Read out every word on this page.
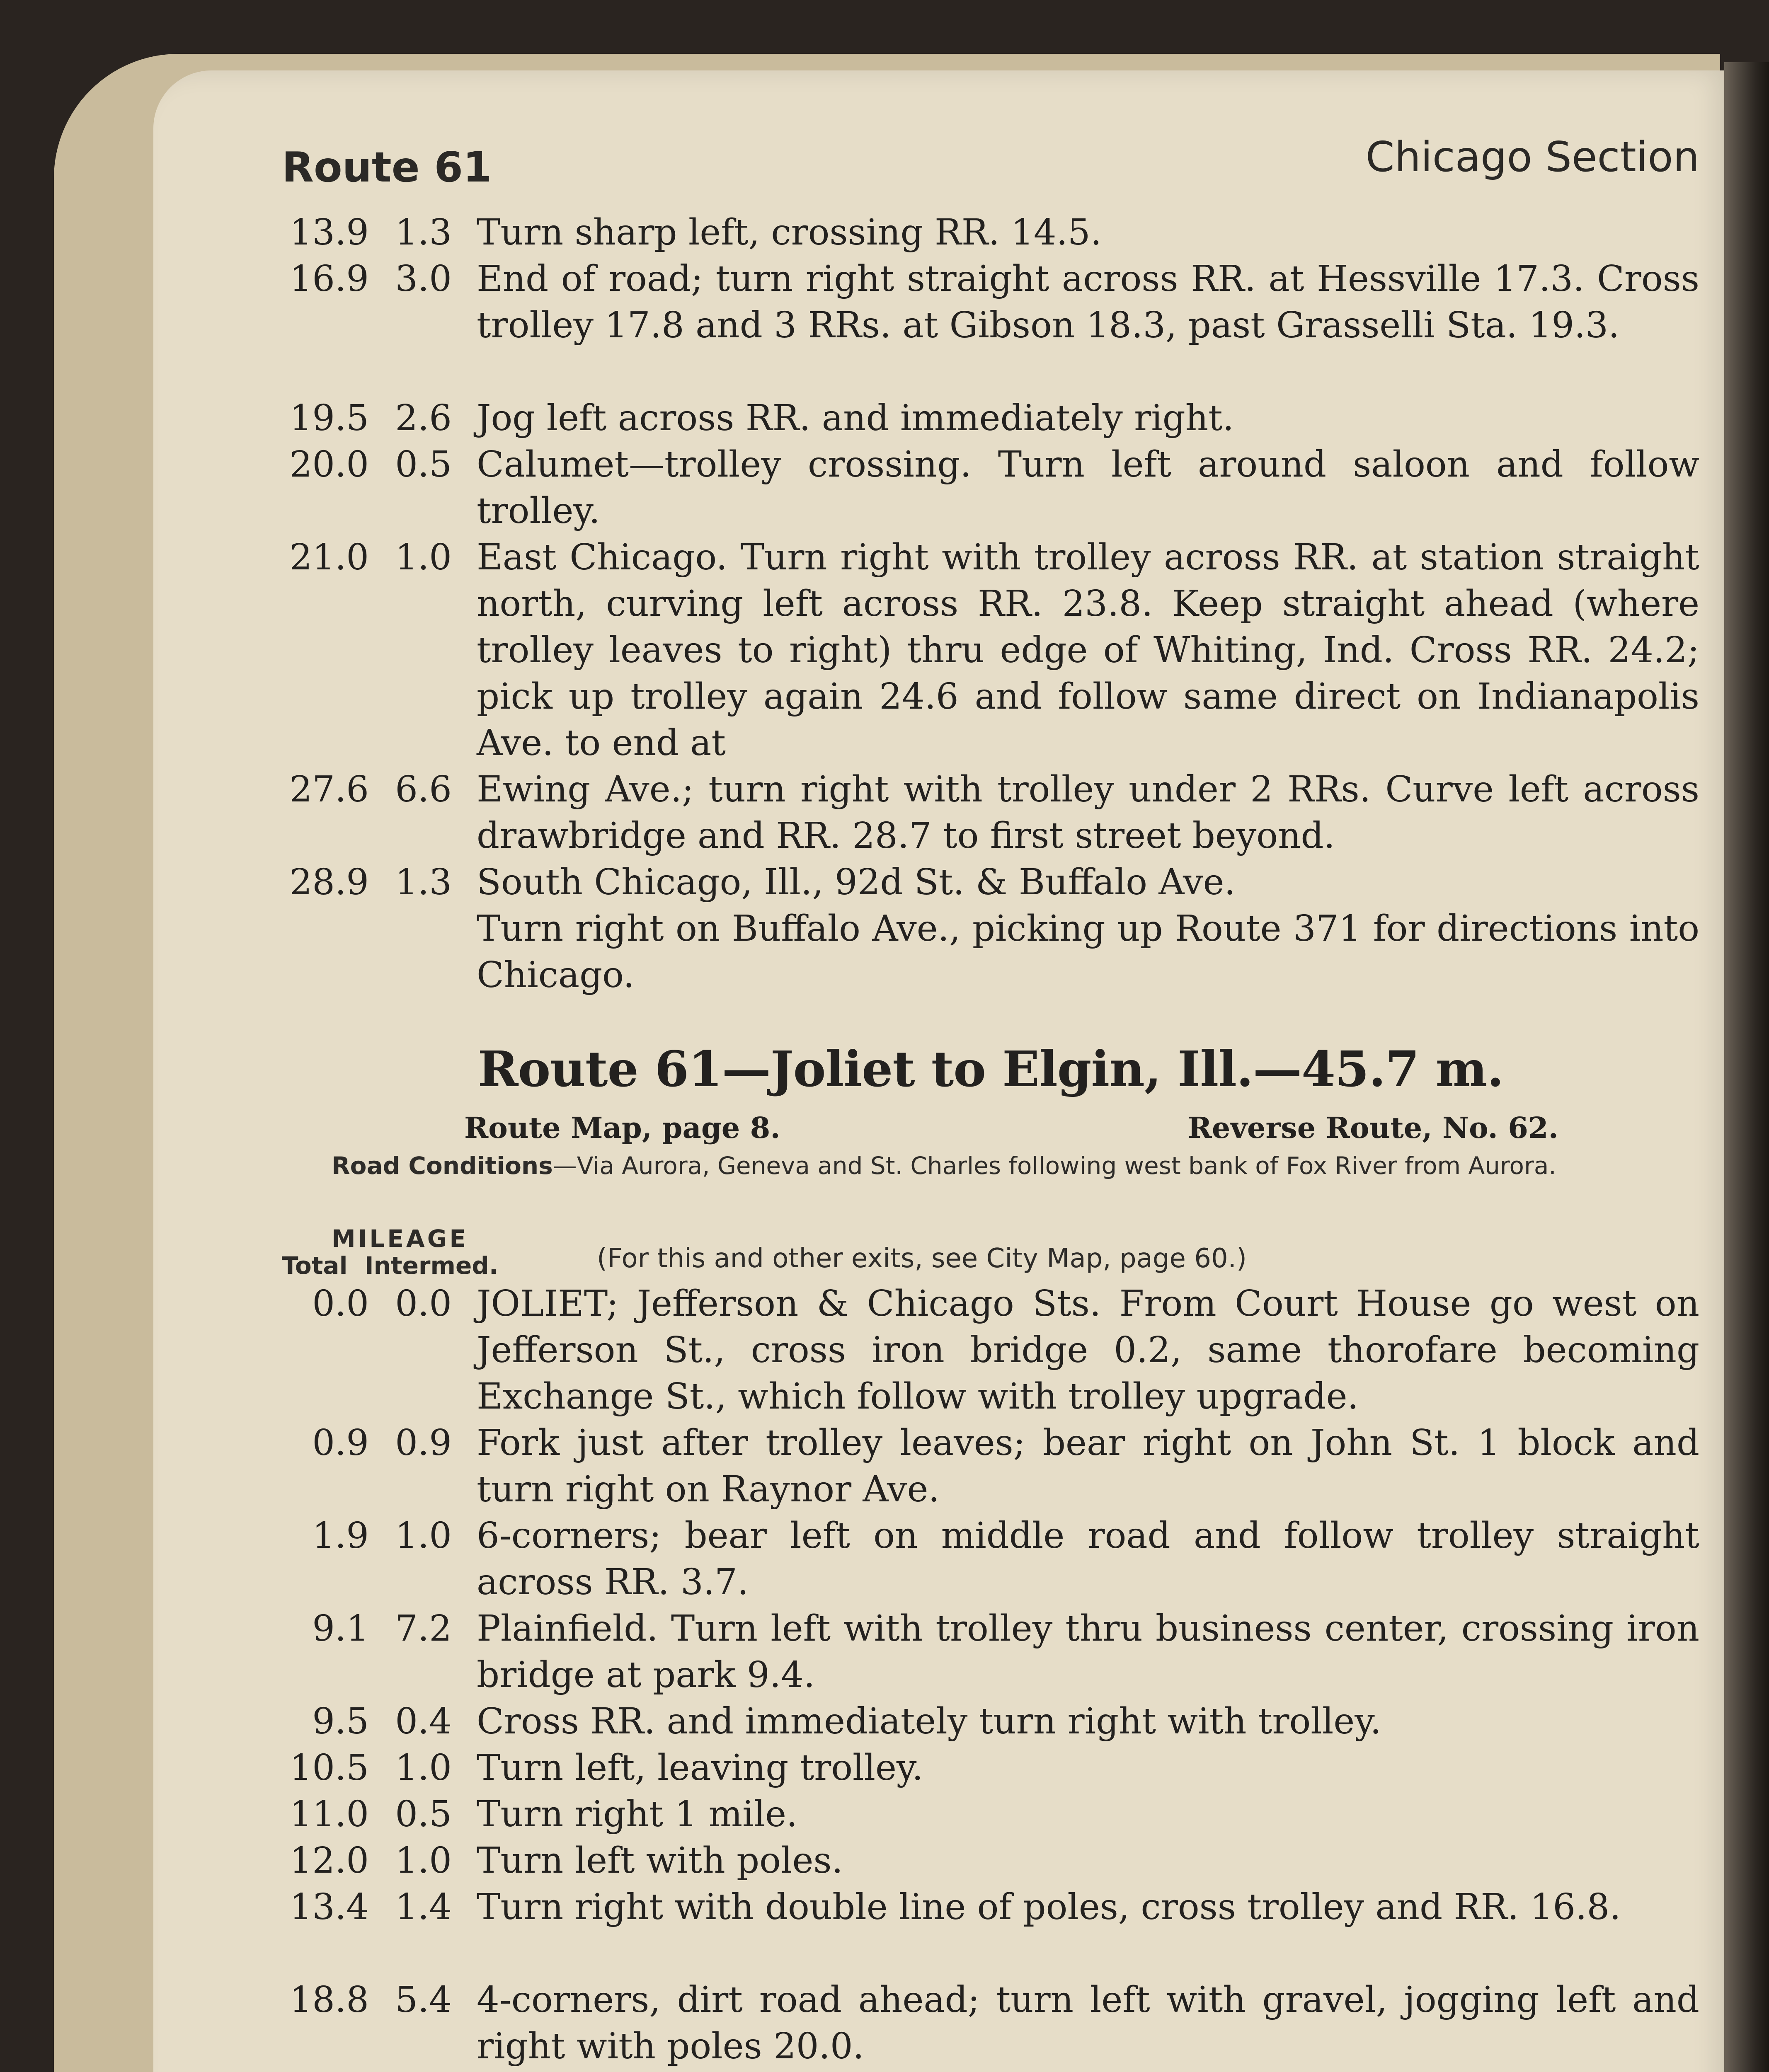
Route 61	Chicago Section
13.9 1.3 Turn sharp left, crossing RR. 14.5.
16.9 3.0 End of road; turn right straight across RR. at Hessville 17.3. Cross trolley 17.8 and 3 RRs. at Gibson 18.3, past Grasselli Sta. 19.3.
19.5 2.6 Jog left across RR. and immediately right.
20.0 0.5 Calumet—trolley crossing. Turn left around saloon and follow trolley.
21.0 1.0 East Chicago. Turn right with trolley across RR. at station straight north, curving left across RR. 23.8. Keep straight ahead (where trolley leaves to right) thru edge of Whiting, Ind. Cross RR. 24.2; pick up trolley again 24.6 and follow same direct on Indianapolis Ave. to end at
27.6 6.6 Ewing Ave.; turn right with trolley under 2 RRs. Curve left across drawbridge and RR. 28.7 to first street beyond.
28.9 1.3 South Chicago, Ill., 92d St. & Buffalo Ave.
Turn right on Buffalo Ave., picking up Route 371 for directions into Chicago.
Route 61—Joliet to Elgin, Ill.—45.7 m.
Route Map, page 8.	Reverse Route, No. 62.
Road Conditions—Via Aurora, Geneva and St. Charles following west bank of Fox River from Aurora.
MILEAGE
Total Intermed.	(For this and other exits, see City Map, page 60.)
0.0 0.0 JOLIET; Jefferson & Chicago Sts. From Court House go west on Jefferson St., cross iron bridge 0.2, same thorofare becoming Exchange St., which follow with trolley upgrade.
0.9 0.9 Fork just after trolley leaves; bear right on John St. 1 block and turn right on Raynor Ave.
1.9 1.0 6-corners; bear left on middle road and follow trolley straight across RR. 3.7.
9.1 7.2 Plainfield. Turn left with trolley thru business center, crossing iron bridge at park 9.4.
9.5 0.4 Cross RR. and immediately turn right with trolley.
10.5 1.0 Turn left, leaving trolley.
11.0 0.5 Turn right 1 mile.
12.0 1.0 Turn left with poles.
13.4 1.4 Turn right with double line of poles, cross trolley and RR. 16.8.
18.8 5.4 4-corners, dirt road ahead; turn left with gravel, jogging left and right with poles 20.0.
